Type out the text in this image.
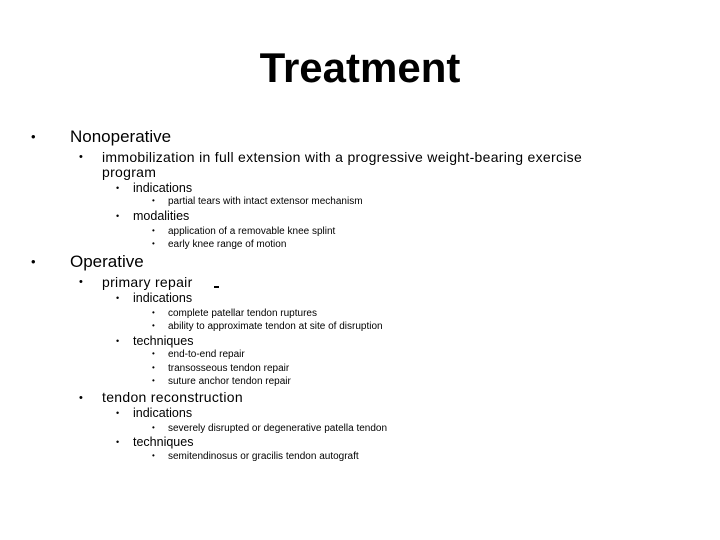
Treatment
• Nonoperative
• immobilization in full extension with a progressive weight-bearing exercise
program
• indications
• partial tears with intact extensor mechanism
• modalities
• application of a removable knee splint
• early knee range of motion
• Operative
• primary repair
• indications
• complete patellar tendon ruptures
• ability to approximate tendon at site of disruption
• techniques
• end-to-end repair
• transosseous tendon repair
• suture anchor tendon repair
• tendon reconstruction
• indications
• severely disrupted or degenerative patella tendon
• techniques
• semitendinosus or gracilis tendon autograft
